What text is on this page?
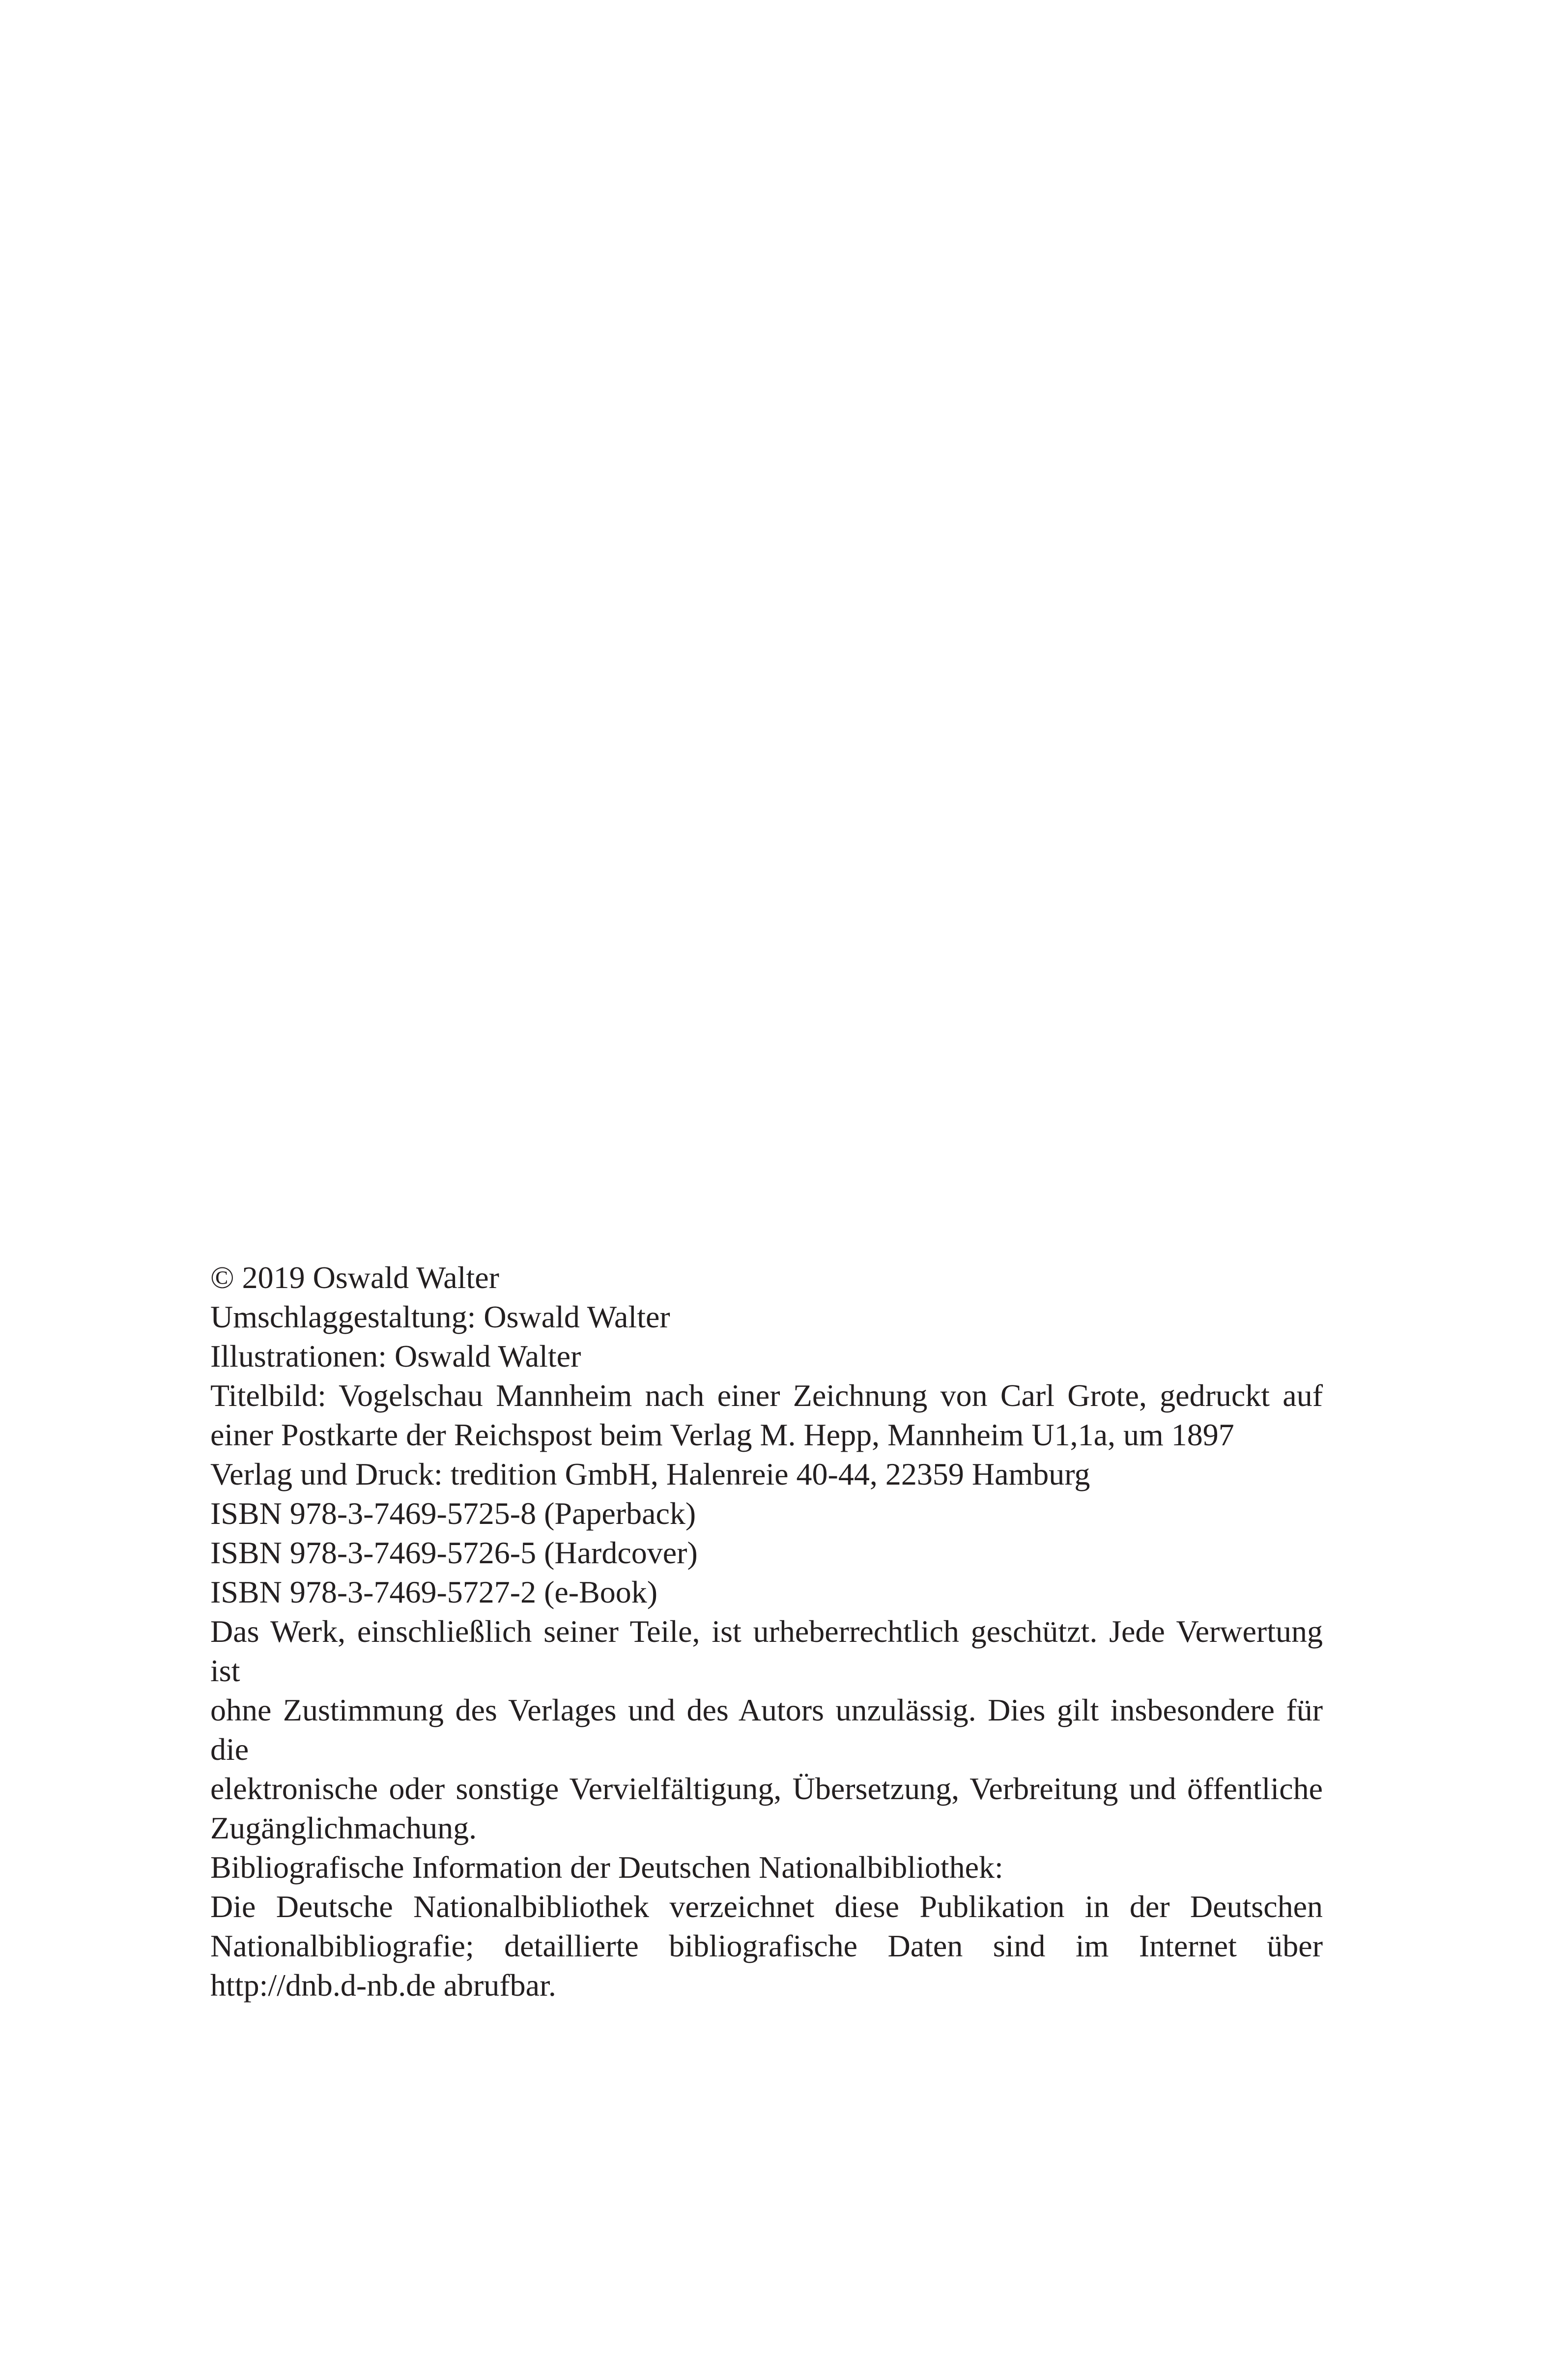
© 2019 Oswald Walter

Umschlaggestaltung: Oswald Walter
Illustrationen: Oswald Walter
Titelbild: Vogelschau Mannheim nach einer Zeichnung von Carl Grote, gedruckt auf
einer Postkarte der Reichspost beim Verlag M. Hepp, Mannheim U1,1a, um 1897

Verlag und Druck: tredition GmbH, Halenreie 40-44, 22359 Hamburg

ISBN 978-3-7469-5725-8 (Paperback)
ISBN 978-3-7469-5726-5 (Hardcover)
ISBN 978-3-7469-5727-2 (e-Book)

Das Werk, einschließlich seiner Teile, ist urheberrechtlich geschützt. Jede Verwertung ist
ohne Zustimmung des Verlages und des Autors unzulässig. Dies gilt insbesondere für die
elektronische oder sonstige Vervielfältigung, Übersetzung, Verbreitung und öffentliche
Zugänglichmachung.
Bibliografische Information der Deutschen Nationalbibliothek:
Die Deutsche Nationalbibliothek verzeichnet diese Publikation in der Deutschen
Nationalbibliografie; detaillierte bibliografische Daten sind im Internet über
http://dnb.d-nb.de abrufbar.
